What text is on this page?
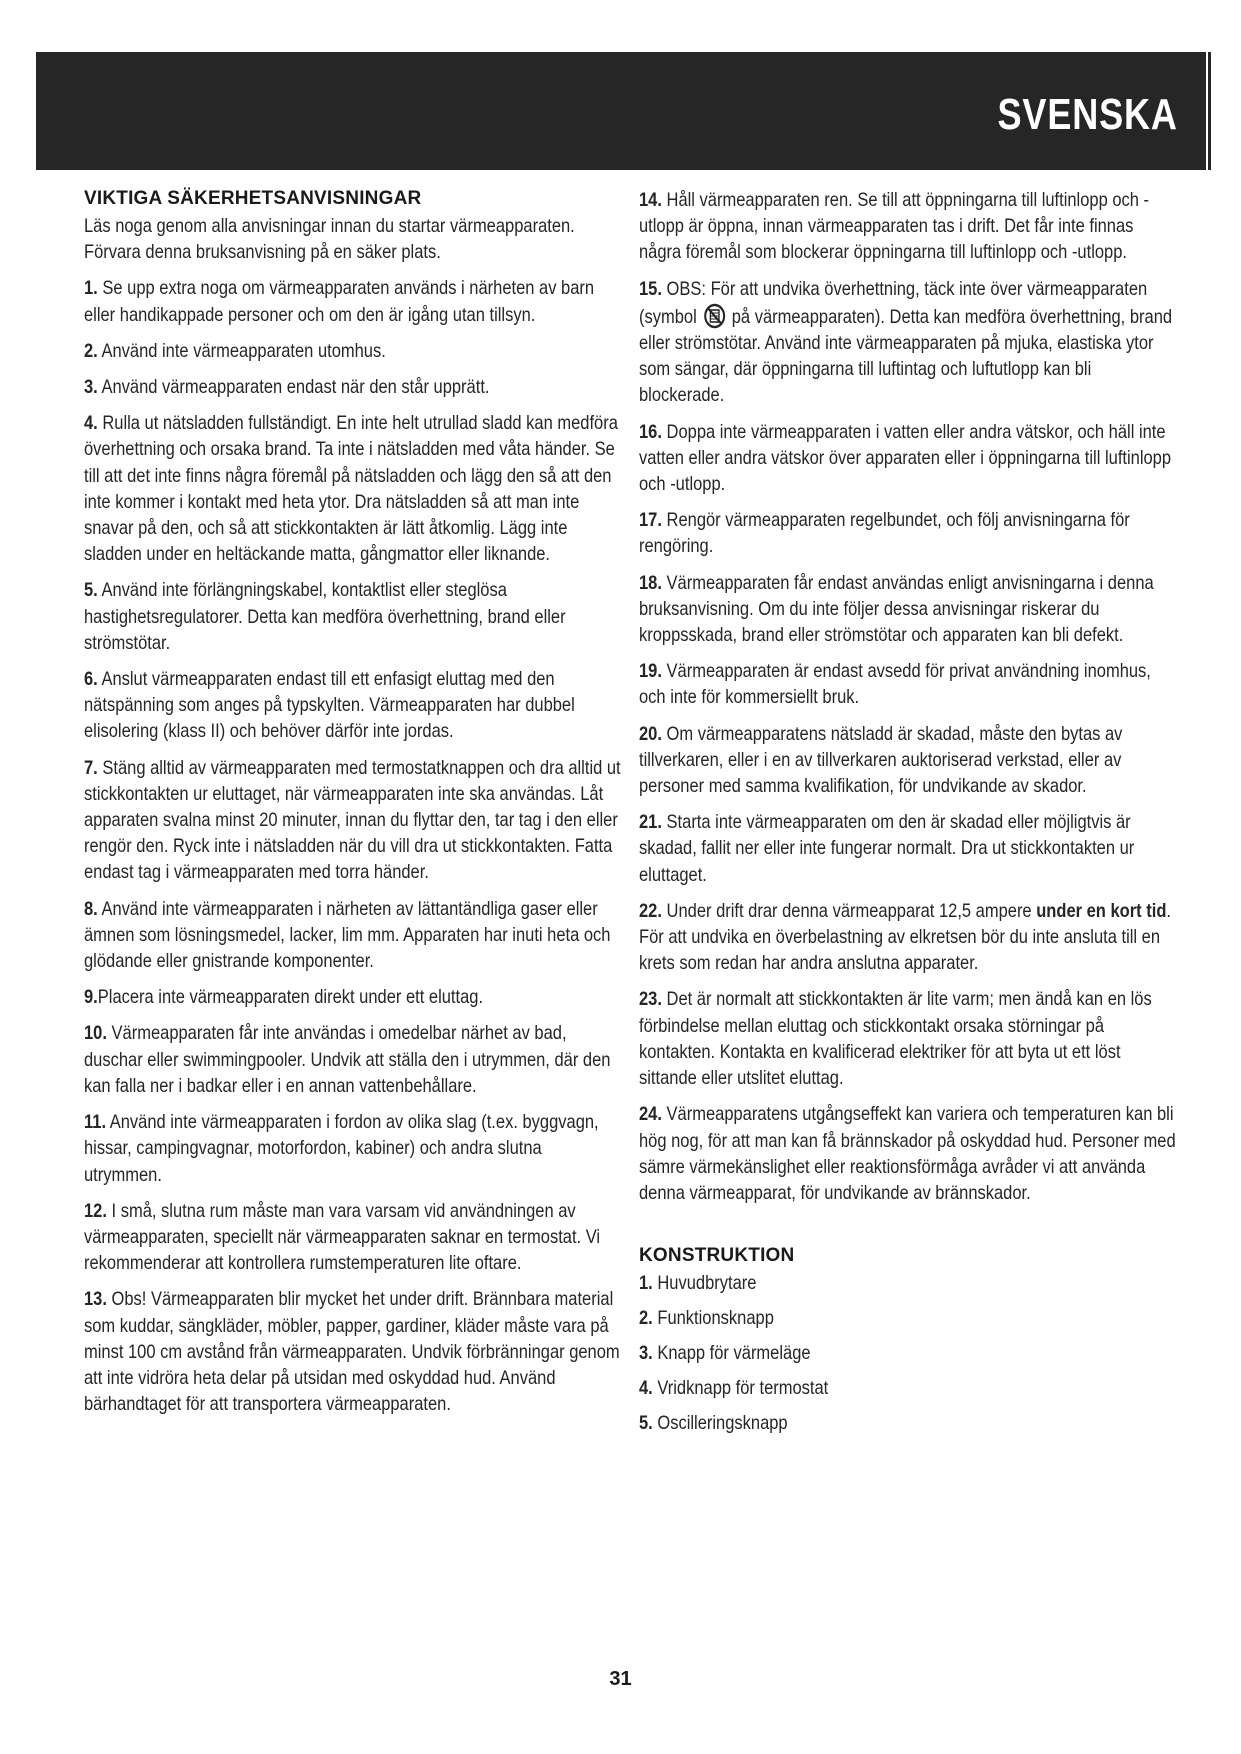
SVENSKA
VIKTIGA SÄKERHETSANVISNINGAR

Läs noga genom alla anvisningar innan du startar värmeapparaten. Förvara denna bruksanvisning på en säker plats.

1. Se upp extra noga om värmeapparaten används i närheten av barn eller handikappade personer och om den är igång utan tillsyn.

2. Använd inte värmeapparaten utomhus.

3. Använd värmeapparaten endast när den står upprätt.

4. Rulla ut nätsladden fullständigt. En inte helt utrullad sladd kan medföra överhettning och orsaka brand. Ta inte i nätsladden med våta händer. Se till att det inte finns några föremål på nätsladden och lägg den så att den inte kommer i kontakt med heta ytor. Dra nätsladden så att man inte snavar på den, och så att stickkontakten är lätt åtkomlig. Lägg inte sladden under en heltäckande matta, gångmattor eller liknande.

5. Använd inte förlängningskabel, kontaktlist eller steglösa hastighetsregulatorer. Detta kan medföra överhettning, brand eller strömstötar.

6. Anslut värmeapparaten endast till ett enfasigt eluttag med den nätspänning som anges på typskylten. Värmeapparaten har dubbel elisolering (klass II) och behöver därför inte jordas.

7. Stäng alltid av värmeapparaten med termostatknappen och dra alltid ut stickkontakten ur eluttaget, när värmeapparaten inte ska användas. Låt apparaten svalna minst 20 minuter, innan du flyttar den, tar tag i den eller rengör den. Ryck inte i nätsladden när du vill dra ut stickkontakten. Fatta endast tag i värmeapparaten med torra händer.

8. Använd inte värmeapparaten i närheten av lättantändliga gaser eller ämnen som lösningsmedel, lacker, lim mm. Apparaten har inuti heta och glödande eller gnistrande komponenter.

9.Placera inte värmeapparaten direkt under ett eluttag.

10. Värmeapparaten får inte användas i omedelbar närhet av bad, duschar eller swimmingpooler. Undvik att ställa den i utrymmen, där den kan falla ner i badkar eller i en annan vattenbehållare.

11. Använd inte värmeapparaten i fordon av olika slag (t.ex. byggvagn, hissar, campingvagnar, motorfordon, kabiner) och andra slutna utrymmen.

12. I små, slutna rum måste man vara varsam vid användningen av värmeapparaten, speciellt när värmeapparaten saknar en termostat. Vi rekommenderar att kontrollera rumstemperaturen lite oftare.

13. Obs! Värmeapparaten blir mycket het under drift. Brännbara material som kuddar, sängkläder, möbler, papper, gardiner, kläder måste vara på minst 100 cm avstånd från värmeapparaten. Undvik förbränningar genom att inte vidröra heta delar på utsidan med oskyddad hud. Använd bärhandtaget för att transportera värmeapparaten.

14. Håll värmeapparaten ren. Se till att öppningarna till luftinlopp och -utlopp är öppna, innan värmeapparaten tas i drift. Det får inte finnas några föremål som blockerar öppningarna till luftinlopp och -utlopp.

15. OBS: För att undvika överhettning, täck inte över värmeapparaten (symbol på värmeapparaten). Detta kan medföra överhettning, brand eller strömstötar. Använd inte värmeapparaten på mjuka, elastiska ytor som sängar, där öppningarna till luftintag och luftutlopp kan bli blockerade.

16. Doppa inte värmeapparaten i vatten eller andra vätskor, och häll inte vatten eller andra vätskor över apparaten eller i öppningarna till luftinlopp och -utlopp.

17. Rengör värmeapparaten regelbundet, och följ anvisningarna för rengöring.

18. Värmeapparaten får endast användas enligt anvisningarna i denna bruksanvisning. Om du inte följer dessa anvisningar riskerar du kroppsskada, brand eller strömstötar och apparaten kan bli defekt.

19. Värmeapparaten är endast avsedd för privat användning inomhus, och inte för kommersiellt bruk.

20. Om värmeapparatens nätsladd är skadad, måste den bytas av tillverkaren, eller i en av tillverkaren auktoriserad verkstad, eller av personer med samma kvalifikation, för undvikande av skador.

21. Starta inte värmeapparaten om den är skadad eller möjligtvis är skadad, fallit ner eller inte fungerar normalt. Dra ut stickkontakten ur eluttaget.

22. Under drift drar denna värmeapparat 12,5 ampere under en kort tid. För att undvika en överbelastning av elkretsen bör du inte ansluta till en krets som redan har andra anslutna apparater.

23. Det är normalt att stickkontakten är lite varm; men ändå kan en lös förbindelse mellan eluttag och stickkontakt orsaka störningar på kontakten. Kontakta en kvalificerad elektriker för att byta ut ett löst sittande eller utslitet eluttag.

24. Värmeapparatens utgångseffekt kan variera och temperaturen kan bli hög nog, för att man kan få brännskador på oskyddad hud. Personer med sämre värmekänslighet eller reaktionsförmåga avråder vi att använda denna värmeapparat, för undvikande av brännskador.

KONSTRUKTION

1. Huvudbrytare

2. Funktionsknapp

3. Knapp för värmeläge

4. Vridknapp för termostat

5. Oscilleringsknapp

31
